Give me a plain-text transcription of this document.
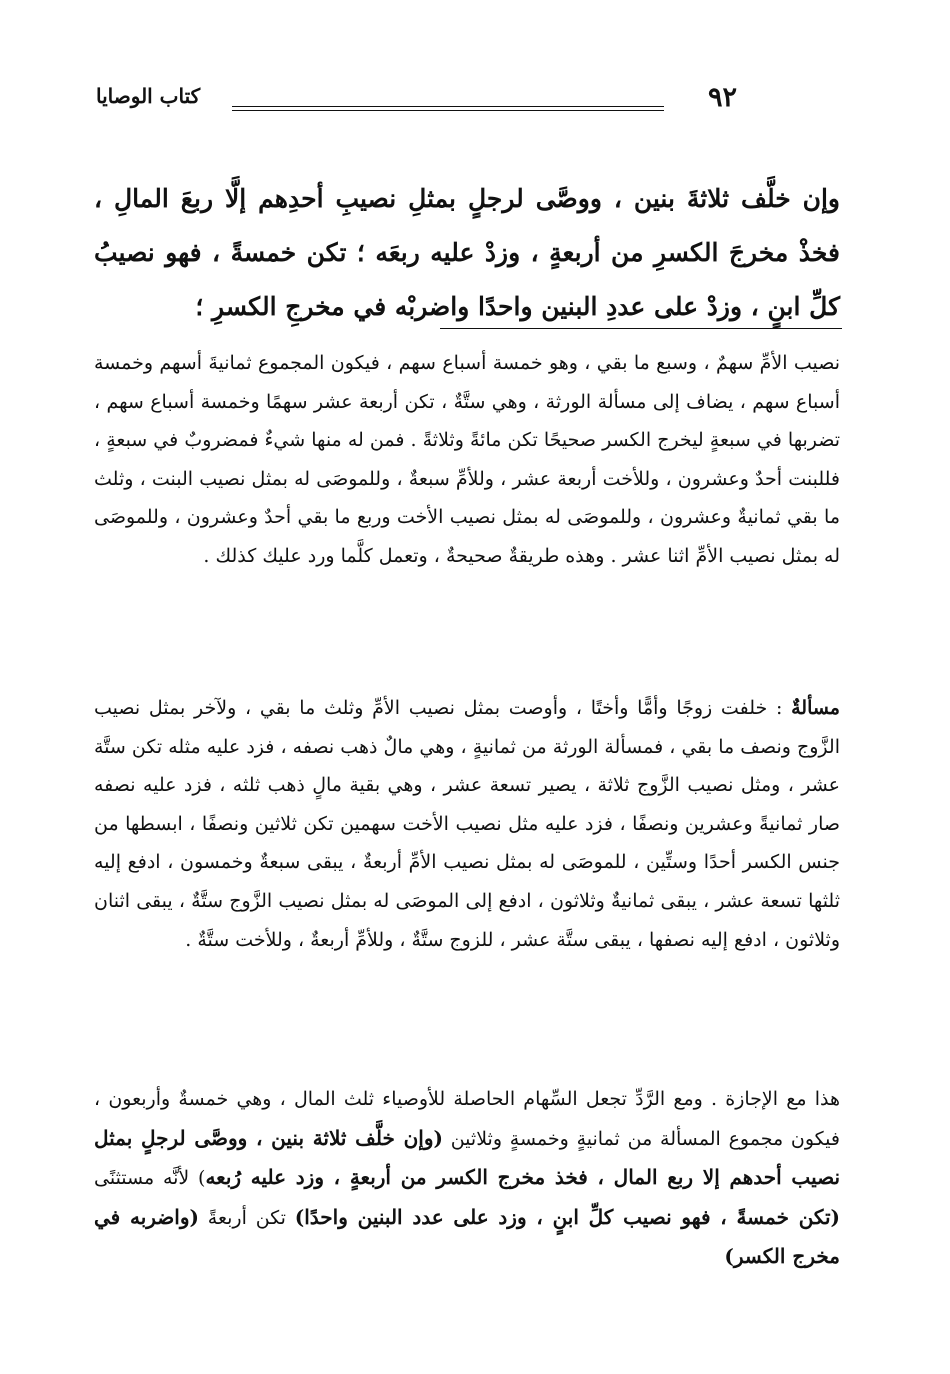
٩٢
كتاب الوصايا

وإن خلَّف ثلاثةَ بنين ، ووصَّى لرجلٍ بمثلِ نصيبِ أحدِهم إلَّا ربعَ المالِ ، فخذْ مخرجَ الكسرِ من أربعةٍ ، وزدْ عليه ربعَه ؛ تكن خمسةً ، فهو نصيبُ كلِّ ابنٍ ، وزدْ على عددِ البنين واحدًا واضربْه في مخرجِ الكسرِ ؛

نصيب الأمِّ سهمٌ ، وسبع ما بقي ، وهو خمسة أسباع سهم ، فيكون المجموع ثمانيةَ أسهم وخمسة أسباع سهم ، يضاف إلى مسألة الورثة ، وهي ستَّةٌ ، تكن أربعة عشر سهمًا وخمسة أسباع سهم ، تضربها في سبعةٍ ليخرج الكسر صحيحًا تكن مائةً وثلاثةً . فمن له منها شيءٌ فمضروبٌ في سبعةٍ ، فللبنت أحدٌ وعشرون ، وللأخت أربعة عشر ، وللأمِّ سبعةٌ ، وللموصَى له بمثل نصيب البنت ، وثلث ما بقي ثمانيةٌ وعشرون ، وللموصَى له بمثل نصيب الأخت وربع ما بقي أحدٌ وعشرون ، وللموصَى له بمثل نصيب الأمِّ اثنا عشر . وهذه طريقةٌ صحيحةٌ ، وتعمل كلَّما ورد عليك كذلك .

مسألةٌ : خلفت زوجًا وأمًّا وأختًا ، وأوصت بمثل نصيب الأمِّ وثلث ما بقي ، ولآخر بمثل نصيب الزَّوج ونصف ما بقي ، فمسألة الورثة من ثمانيةٍ ، وهي مالٌ ذهب نصفه ، فزد عليه مثله تكن ستَّة عشر ، ومثل نصيب الزَّوج ثلاثة ، يصير تسعة عشر ، وهي بقية مالٍ ذهب ثلثه ، فزد عليه نصفه صار ثمانيةً وعشرين ونصفًا ، فزد عليه مثل نصيب الأخت سهمين تكن ثلاثين ونصفًا ، ابسطها من جنس الكسر أحدًا وستِّين ، للموصَى له بمثل نصيب الأمِّ أربعةٌ ، يبقى سبعةٌ وخمسون ، ادفع إليه ثلثها تسعة عشر ، يبقى ثمانيةٌ وثلاثون ، ادفع إلى الموصَى له بمثل نصيب الزَّوج ستَّةٌ ، يبقى اثنان وثلاثون ، ادفع إليه نصفها ، يبقى ستَّة عشر ، للزوج ستَّةٌ ، وللأمِّ أربعةٌ ، وللأخت ستَّةٌ .

هذا مع الإجازة . ومع الرَّدِّ تجعل السِّهام الحاصلة للأوصياء ثلث المال ، وهي خمسةٌ وأربعون ، فيكون مجموع المسألة من ثمانيةٍ وخمسةٍ وثلاثين (وإن خلَّف ثلاثة بنين ، ووصَّى لرجلٍ بمثل نصيب أحدهم إلا ربع المال ، فخذ مخرج الكسر من أربعةٍ ، وزد عليه رُبعه) لأنَّه مستثنًى (تكن خمسةً ، فهو نصيب كلِّ ابنٍ ، وزد على عدد البنين واحدًا) تكن أربعةً (واضربه في مخرج الكسر)
